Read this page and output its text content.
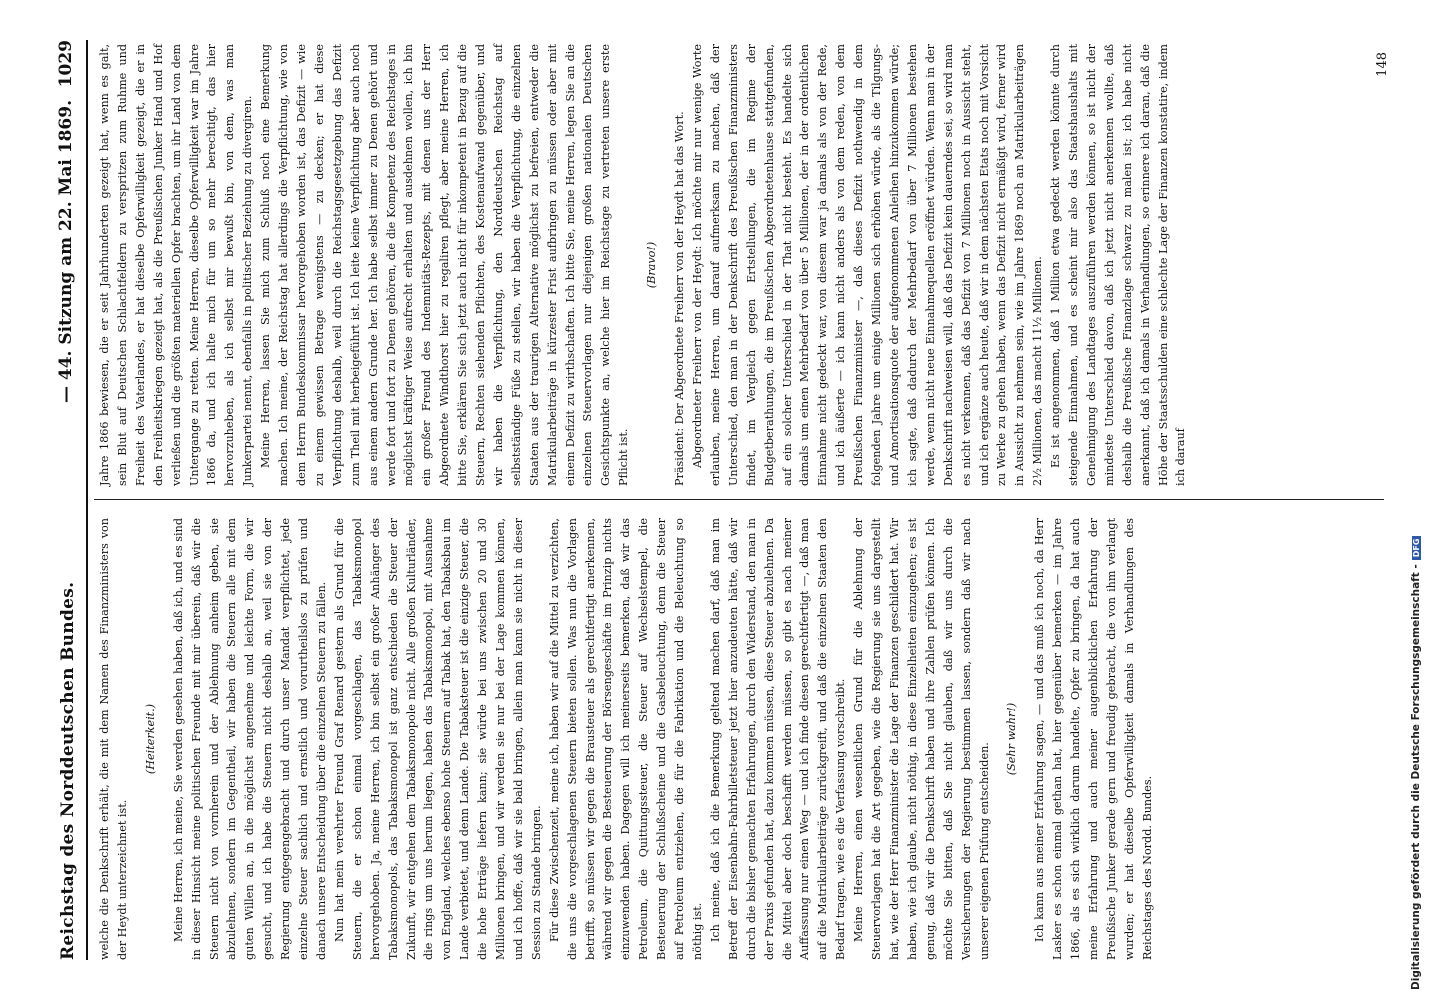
Reichstag des Norddeutschen Bundes.
— 44. Sitzung am 22. Mai 1869.
1029

welche die Denkschrift erhält, die mit dem Namen des Finanzministers von der Heydt unterzeichnet ist.

(Heiterkeit.) Meine Herren, ich meine, Sie werden gesehen haben, daß ich, und es sind in dieser Hinsicht meine politischen Freunde mit mir überein, daß wir die Steuern nicht von vornherein und der Ablehnung anheim geben, sie abzulehnen, sondern im Gegentheil, wir haben die Steuern alle mit dem guten Willen an, in die möglichst angenehme und leichte Form, die wir gesucht, und ich habe die Steuern nicht deshalb an, weil sie von der Regierung entgegengebracht und durch unser Mandat verpflichtet, jede einzelne Steuer sachlich und ernstlich und vorurtheilslos zu prüfen und danach unsere Entscheidung über die einzelnen Steuern zu fällen. Nun hat mein verehrter Freund Graf Renard gestern als Grund für die Steuern, die er schon einmal vorgeschlagen, das Tabaksmonopol hervorgehoben. Ja, meine Herren, ich bin selbst ein großer Anhänger des Tabaksmonopols, das Tabaksmonopol ist ganz entschieden die Steuer der Zukunft, wir entgehen dem Tabaksmonopole nicht. Alle großen Kulturländer, die rings um uns herum liegen, haben das Tabaksmonopol, mit Ausnahme von England, welches ebenso hohe Steuern auf Tabak hat, den Tabaksbau im Lande verbietet, und denn Lande. Die Tabaksteuer ist die einzige Steuer, die die hohe Erträge liefern kann; sie würde bei uns zwischen 20 und 30 Millionen bringen, und wir werden sie nur bei der Lage kommen können, und ich hoffe, daß wir sie bald bringen, allein man kann sie nicht in dieser Session zu Stande bringen. Für diese Zwischenzeit, meine ich, haben wir auf die Mittel zu verzichten, die uns die vorgeschlagenen Steuern bieten sollen. Was nun die Vorlagen betrifft, so müssen wir gegen die Brausteuer als gerechtfertigt anerkennen, während wir gegen die Besteuerung der Börsengeschäfte im Prinzip nichts einzuwenden haben. Dagegen will ich meinerseits bemerken, daß wir das Petroleum, die Quittungssteuer, die Steuer auf Wechselstempel, die Besteuerung der Schlußscheine und die Gasbeleuchtung, denn die Steuer auf Petroleum entziehen, die für die Fabrikation und die Beleuchtung so nöthig ist. Ich meine, daß ich die Bemerkung geltend machen darf, daß man im Betreff der Eisenbahn-Fahrbilletsteuer jetzt hier anzudeuten hätte, daß wir durch die bisher gemachten Erfahrungen, durch den Widerstand, den man in der Praxis gefunden hat, dazu kommen müssen, diese Steuer abzulehnen. Da die Mittel aber doch beschafft werden müssen, so gibt es nach meiner Auffassung nur einen Weg — und ich finde diesen gerechtfertigt —, daß man auf die Matrikularbeiträge zurückgreift, und daß die einzelnen Staaten den Bedarf tragen, wie es die Verfassung vorschreibt. Meine Herren, einen wesentlichen Grund für die Ablehnung der Steuervorlagen hat die Art gegeben, wie die Regierung sie uns dargestellt hat, wie der Herr Finanzminister die Lage der Finanzen geschildert hat. Wir haben, wie ich glaube, nicht nöthig, in diese Einzelheiten einzugehen; es ist genug, daß wir die Denkschrift haben und ihre Zahlen prüfen können. Ich möchte Sie bitten, daß Sie nicht glauben, daß wir uns durch die Versicherungen der Regierung bestimmen lassen, sondern daß wir nach unserer eigenen Prüfung entscheiden.

(Sehr wahr!) Ich kann aus meiner Erfahrung sagen, — und das muß ich noch, da Herr Lasker es schon einmal gethan hat, hier gegenüber bemerken — im Jahre 1866, als es sich wirklich darum handelte, Opfer zu bringen, da hat auch meine Erfahrung und auch meiner augenblicklichen Erfahrung der Preußische Junker gerade gern und freudig gebracht, die von ihm verlangt wurden; er hat dieselbe Opferwilligkeit damals in Verhandlungen des Reichstages des Nordd. Bundes.

Jahre 1866 bewiesen, die er seit Jahrhunderten gezeigt hat, wenn es galt, sein Blut auf Deutschen Schlachtfeldern zu verspritzen zum Ruhme und Freiheit des Vaterlandes, er hat dieselbe Opferwilligkeit gezeigt, die er in den Freiheitskriegen gezeigt hat, als die Preußischen Junker Hand und Hof verließen und die größten materiellen Opfer brachten, um ihr Land von dem Untergange zu retten. Meine Herren, dieselbe Opferwilligkeit war im Jahre 1866 da, und ich halte mich für um so mehr berechtigt, das hier hervorzuheben, als ich selbst mir bewußt bin, von dem, was man Junkerpartei nennt, ebenfalls in politischer Beziehung zu divergiren. Meine Herren, lassen Sie mich zum Schluß noch eine Bemerkung machen. Ich meine, der Reichstag hat allerdings die Verpflichtung, wie von dem Herrn Bundeskommissar hervorgehoben worden ist, das Defizit — wie zu einem gewissen Betrage wenigstens — zu decken; er hat diese Verpflichtung deshalb, weil durch die Reichstagsgesetzgebung das Defizit zum Theil mit herbeigeführt ist. Ich leite keine Verpflichtung aber auch noch aus einem andern Grunde her. Ich habe selbst immer zu Denen gehört und werde fort und fort zu Denen gehören, die die Kompetenz des Reichstages in möglichst kräftiger Weise aufrecht erhalten und ausdehnen wollen, ich bin ein großer Freund des Indemnitäts-Rezepts, mit denen uns der Herr Abgeordnete Windthorst hier zu regaliren pflegt, aber meine Herren, ich bitte Sie, erklären Sie sich jetzt auch nicht für inkompetent in Bezug auf die Steuern, Rechten siehenden Pflichten, des Kostenaufwand gegenüber, und wir haben die Verpflichtung, den Norddeutschen Reichstag auf selbstständige Füße zu stellen, wir haben die Verpflichtung, die einzelnen Staaten aus der traurigen Alternative möglichst zu befreien, entweder die Matrikularbeiträge in kürzester Frist aufbringen zu müssen oder aber mit einem Defizit zu wirthschaften. Ich bitte Sie, meine Herren, legen Sie an die einzelnen Steuervorlagen nur diejenigen großen nationalen Deutschen Gesichtspunkte an, welche hier im Reichstage zu vertreten unsere erste Pflicht ist.

(Bravo!) Präsident: Der Abgeordnete Freiherr von der Heydt hat das Wort. Abgeordneter Freiherr von der Heydt: Ich möchte mir nur wenige Worte erlauben, meine Herren, um darauf aufmerksam zu machen, daß der Unterschied, den man in der Denkschrift des Preußischen Finanzministers findet, im Vergleich gegen Ertstellungen, die im Regime der Budgetberathungen, die im Preußischen Abgeordnetenhause stattgefunden, auf ein solcher Unterschied in der That nicht besteht. Es handelte sich damals um einen Mehrbedarf von über 5 Millionen, der in der ordentlichen Einnahme nicht gedeckt war, von diesem war ja damals als von der Rede, und ich äußerte — ich kann nicht anders als von dem reden, von dem Preußischen Finanzminister —, daß dieses Defizit nothwendig in dem folgenden Jahre um einige Millionen sich erhöhen würde, als die Tilgungs- und Amortisationsquote der aufgenommenen Anleihen hinzukommen würde; ich sagte, daß dadurch der Mehrbedarf von über 7 Millionen bestehen werde, wenn nicht neue Einnahmequellen eröffnet würden. Wenn man in der Denkschrift nachweisen will, daß das Defizit kein dauerndes sei, so wird man es nicht verkennen, daß das Defizit von 7 Millionen noch in Aussicht steht, und ich ergänze auch heute, daß wir in dem nächsten Etats noch mit Vorsicht zu Werke zu gehen haben, wenn das Defizit nicht ermäßigt wird, ferner wird in Aussicht zu nehmen sein, wie im Jahre 1869 noch an Matrikularbeiträgen 2½ Millionen, das macht 11½ Millionen. Es ist angenommen, daß 1 Million etwa gedeckt werden könnte durch steigende Einnahmen, und es scheint mir also das Staatshaushalts mit Genehmigung des Landtages auszuführen werden können, so ist nicht der mindeste Unterschied davon, daß ich jetzt nicht anerkennen wollte, daß deshalb die Preußische Finanzlage schwarz zu malen ist; ich habe nicht anerkannt, daß ich damals in Verhandlungen, so erinnere ich daran, daß die Höhe der Staatsschulden eine schlechte Lage der Finanzen konstatire, indem ich darauf

148
Digitalisierung gefördert durch die Deutsche Forschungsgemeinschaft -DFG
